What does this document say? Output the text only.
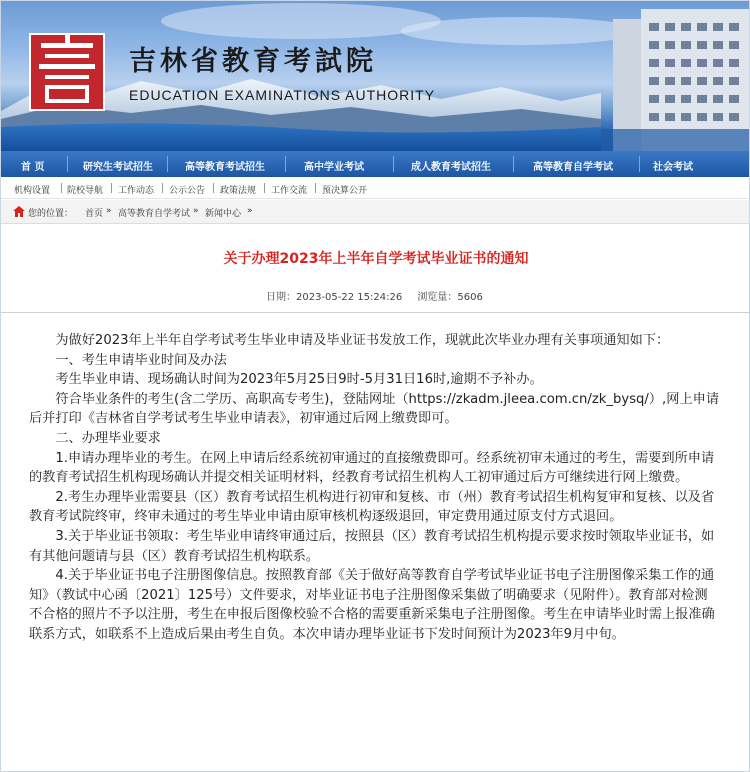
吉林省教育考試院
EDUCATION EXAMINATIONS AUTHORITY
首 页	研究生考试招生	高等教育考试招生	高中学业考试	成人教育考试招生	高等教育自学考试	社会考试
机构设置 院校导航 工作动态 公示公告 政策法规 工作交流 预决算公开
您的位置： 首页 » 高等教育自学考试 » 新闻中心 »
关于办理2023年上半年自学考试毕业证书的通知
日期：2023-05-22 15:24:26 浏览量：5606

　　为做好2023年上半年自学考试考生毕业申请及毕业证书发放工作，现就此次毕业办理有关事项通知如下：

　　一、考生申请毕业时间及办法

　　考生毕业申请、现场确认时间为2023年5月25日9时-5月31日16时,逾期不予补办。

　　符合毕业条件的考生(含二学历、高职高专考生)，登陆网址（https://zkadm.jleea.com.cn/zk_bysq/）,网上申请后并打印《吉林省自学考试考生毕业申请表》，初审通过后网上缴费即可。

　　二、办理毕业要求

　　1.申请办理毕业的考生。在网上申请后经系统初审通过的直接缴费即可。经系统初审未通过的考生，需要到所申请的教育考试招生机构现场确认并提交相关证明材料，经教育考试招生机构人工初审通过后方可继续进行网上缴费。

　　2.考生办理毕业需要县（区）教育考试招生机构进行初审和复核、市（州）教育考试招生机构复审和复核、以及省教育考试院终审，终审未通过的考生毕业申请由原审核机构逐级退回，审定费用通过原支付方式退回。

　　3.关于毕业证书领取：考生毕业申请终审通过后，按照县（区）教育考试招生机构提示要求按时领取毕业证书，如有其他问题请与县（区）教育考试招生机构联系。

　　4.关于毕业证书电子注册图像信息。按照教育部《关于做好高等教育自学考试毕业证书电子注册图像采集工作的通知》（教试中心函〔2021〕125号）文件要求，对毕业证书电子注册图像采集做了明确要求（见附件）。教育部对检测不合格的照片不予以注册，考生在申报后图像校验不合格的需要重新采集电子注册图像。考生在申请毕业时需上报准确联系方式，如联系不上造成后果由考生自负。本次申请办理毕业证书下发时间预计为2023年9月中旬。
